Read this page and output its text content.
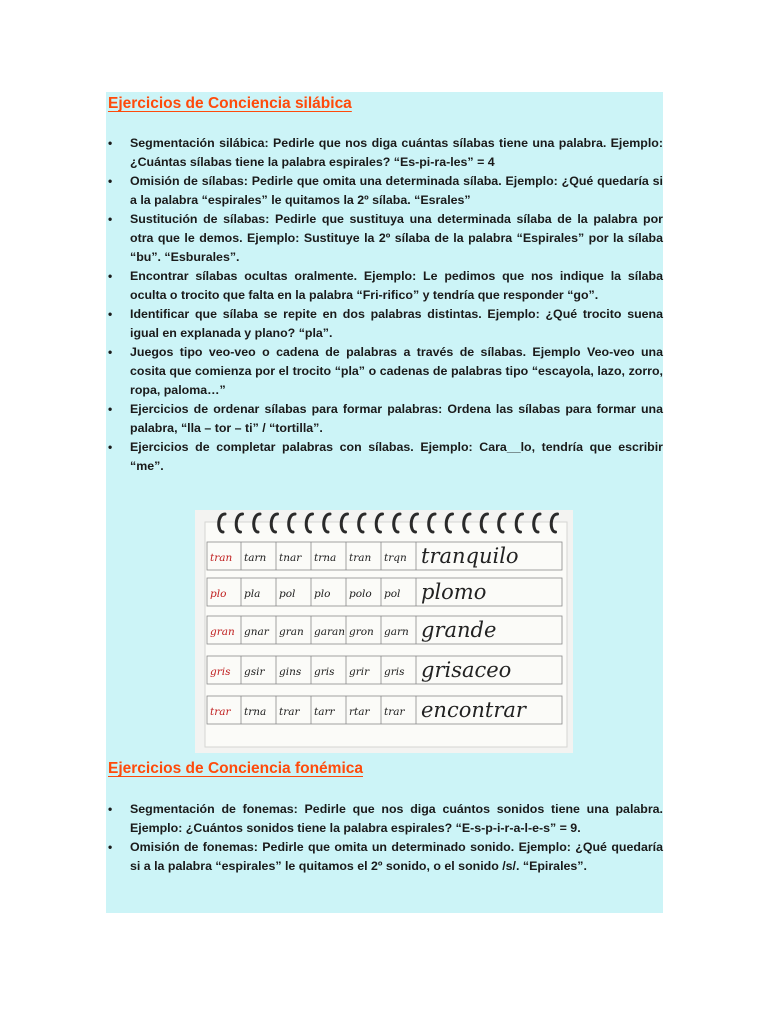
Ejercicios de Conciencia silábica
• Segmentación silábica: Pedirle que nos diga cuántas sílabas tiene una palabra. Ejemplo: ¿Cuántas sílabas tiene la palabra espirales? “Es-pi-ra-les” = 4
• Omisión de sílabas: Pedirle que omita una determinada sílaba. Ejemplo: ¿Qué quedaría si a la palabra “espirales” le quitamos la 2º sílaba. “Esrales”
• Sustitución de sílabas: Pedirle que sustituya una determinada sílaba de la palabra por otra que le demos. Ejemplo: Sustituye la 2º sílaba de la palabra “Espirales” por la sílaba “bu”. “Esburales”.
• Encontrar sílabas ocultas oralmente. Ejemplo: Le pedimos que nos indique la sílaba oculta o trocito que falta en la palabra “Fri-rifico” y tendría que responder “go”.
• Identificar que sílaba se repite en dos palabras distintas. Ejemplo: ¿Qué trocito suena igual en explanada y plano? “pla”.
• Juegos tipo veo-veo o cadena de palabras a través de sílabas. Ejemplo Veo-veo una cosita que comienza por el trocito “pla” o cadenas de palabras tipo “escayola, lazo, zorro, ropa, paloma…”
• Ejercicios de ordenar sílabas para formar palabras: Ordena las sílabas para formar una palabra, “lla – tor – ti” / “tortilla”.
• Ejercicios de completar palabras con sílabas. Ejemplo: Cara__lo, tendría que escribir “me”.
tran tarn tnar trna tran trqn tranquilo
plo pla pol plo polo pol plomo
gran gnar gran garan gron garn grande
gris gsir gins gris grir gris grisaceo
trar trna trar tarr rtar trar encontrar
Ejercicios de Conciencia fonémica
• Segmentación de fonemas: Pedirle que nos diga cuántos sonidos tiene una palabra. Ejemplo: ¿Cuántos sonidos tiene la palabra espirales? “E-s-p-i-r-a-l-e-s” = 9.
• Omisión de fonemas: Pedirle que omita un determinado sonido. Ejemplo: ¿Qué quedaría si a la palabra “espirales” le quitamos el 2º sonido, o el sonido /s/. “Epirales”.
